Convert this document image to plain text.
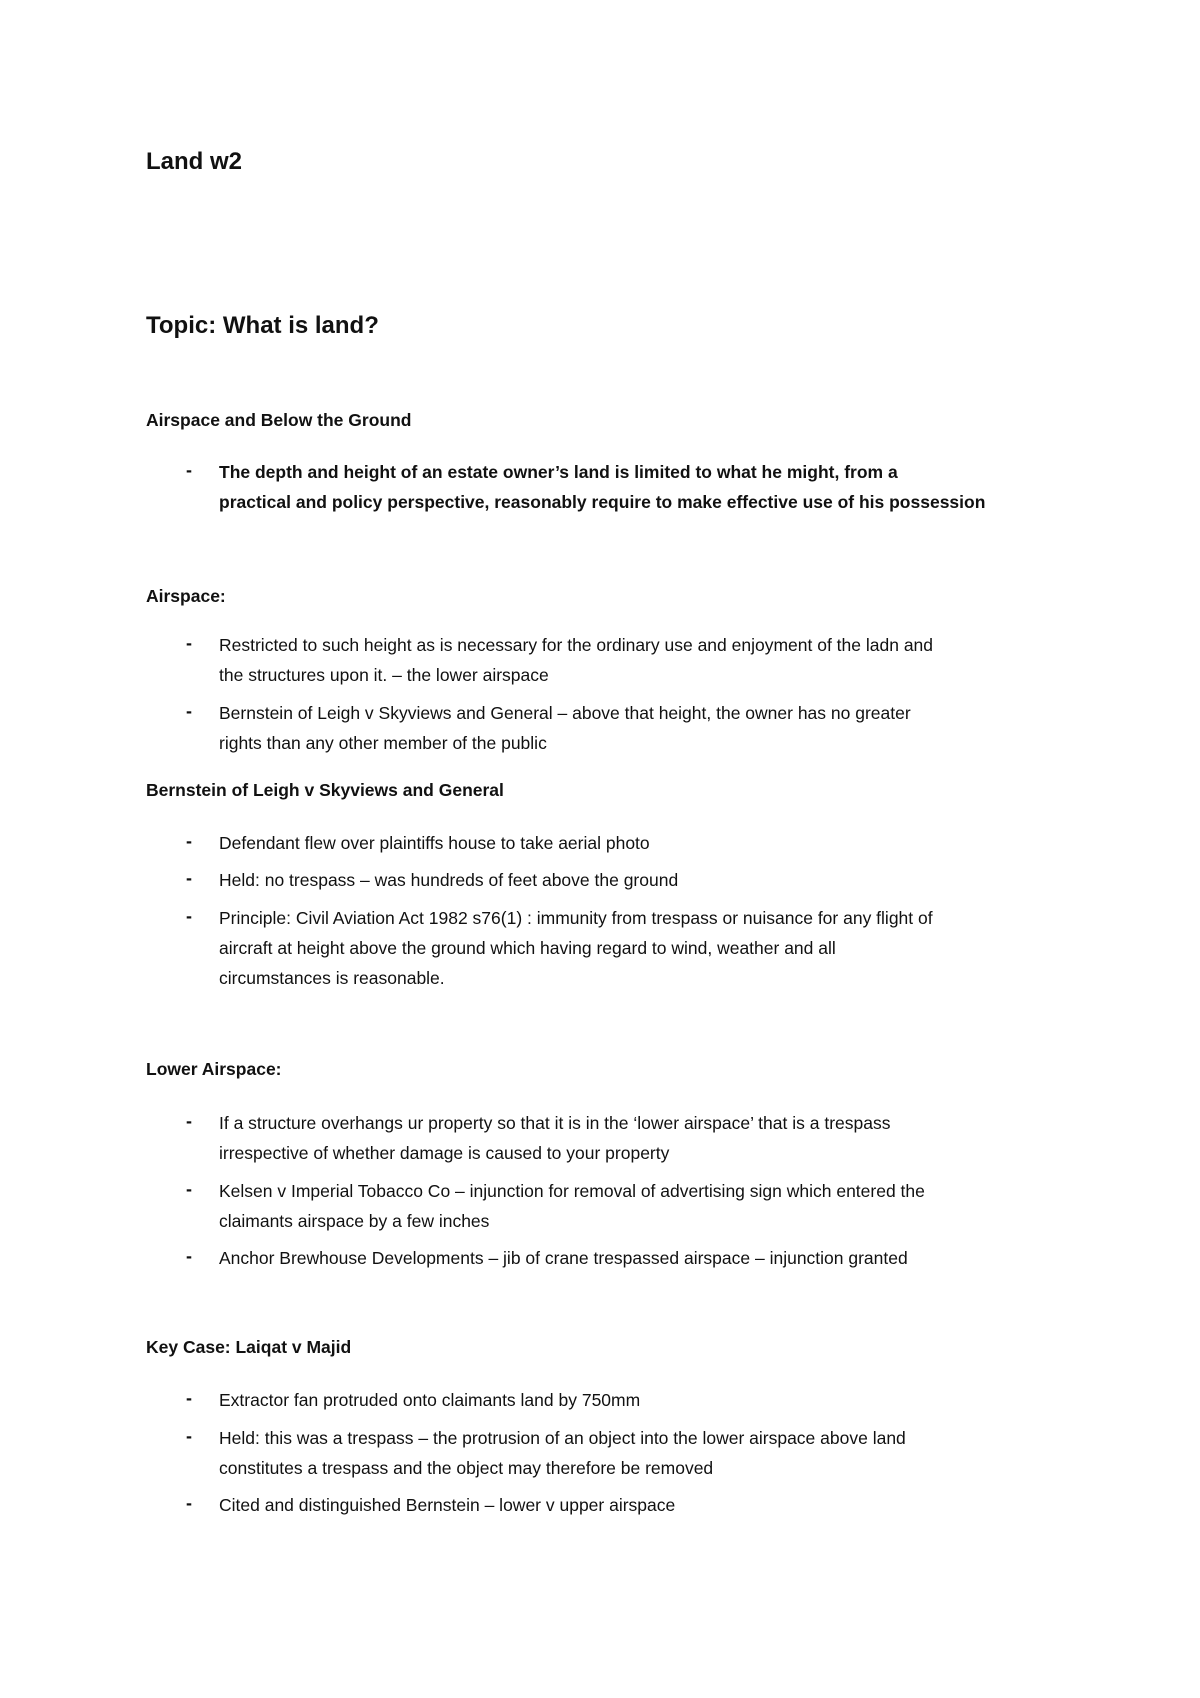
Land w2
Topic: What is land?
Airspace and Below the Ground
- The depth and height of an estate owner’s land is limited to what he might, from a
practical and policy perspective, reasonably require to make effective use of his possession
Airspace:
- Restricted to such height as is necessary for the ordinary use and enjoyment of the ladn and
the structures upon it. – the lower airspace
- Bernstein of Leigh v Skyviews and General – above that height, the owner has no greater
rights than any other member of the public
Bernstein of Leigh v Skyviews and General
- Defendant flew over plaintiffs house to take aerial photo
- Held: no trespass – was hundreds of feet above the ground
- Principle: Civil Aviation Act 1982 s76(1) : immunity from trespass or nuisance for any flight of
aircraft at height above the ground which having regard to wind, weather and all
circumstances is reasonable.
Lower Airspace:
- If a structure overhangs ur property so that it is in the ‘lower airspace’ that is a trespass
irrespective of whether damage is caused to your property
- Kelsen v Imperial Tobacco Co – injunction for removal of advertising sign which entered the
claimants airspace by a few inches
- Anchor Brewhouse Developments – jib of crane trespassed airspace – injunction granted
Key Case: Laiqat v Majid
- Extractor fan protruded onto claimants land by 750mm
- Held: this was a trespass – the protrusion of an object into the lower airspace above land
constitutes a trespass and the object may therefore be removed
- Cited and distinguished Bernstein – lower v upper airspace
